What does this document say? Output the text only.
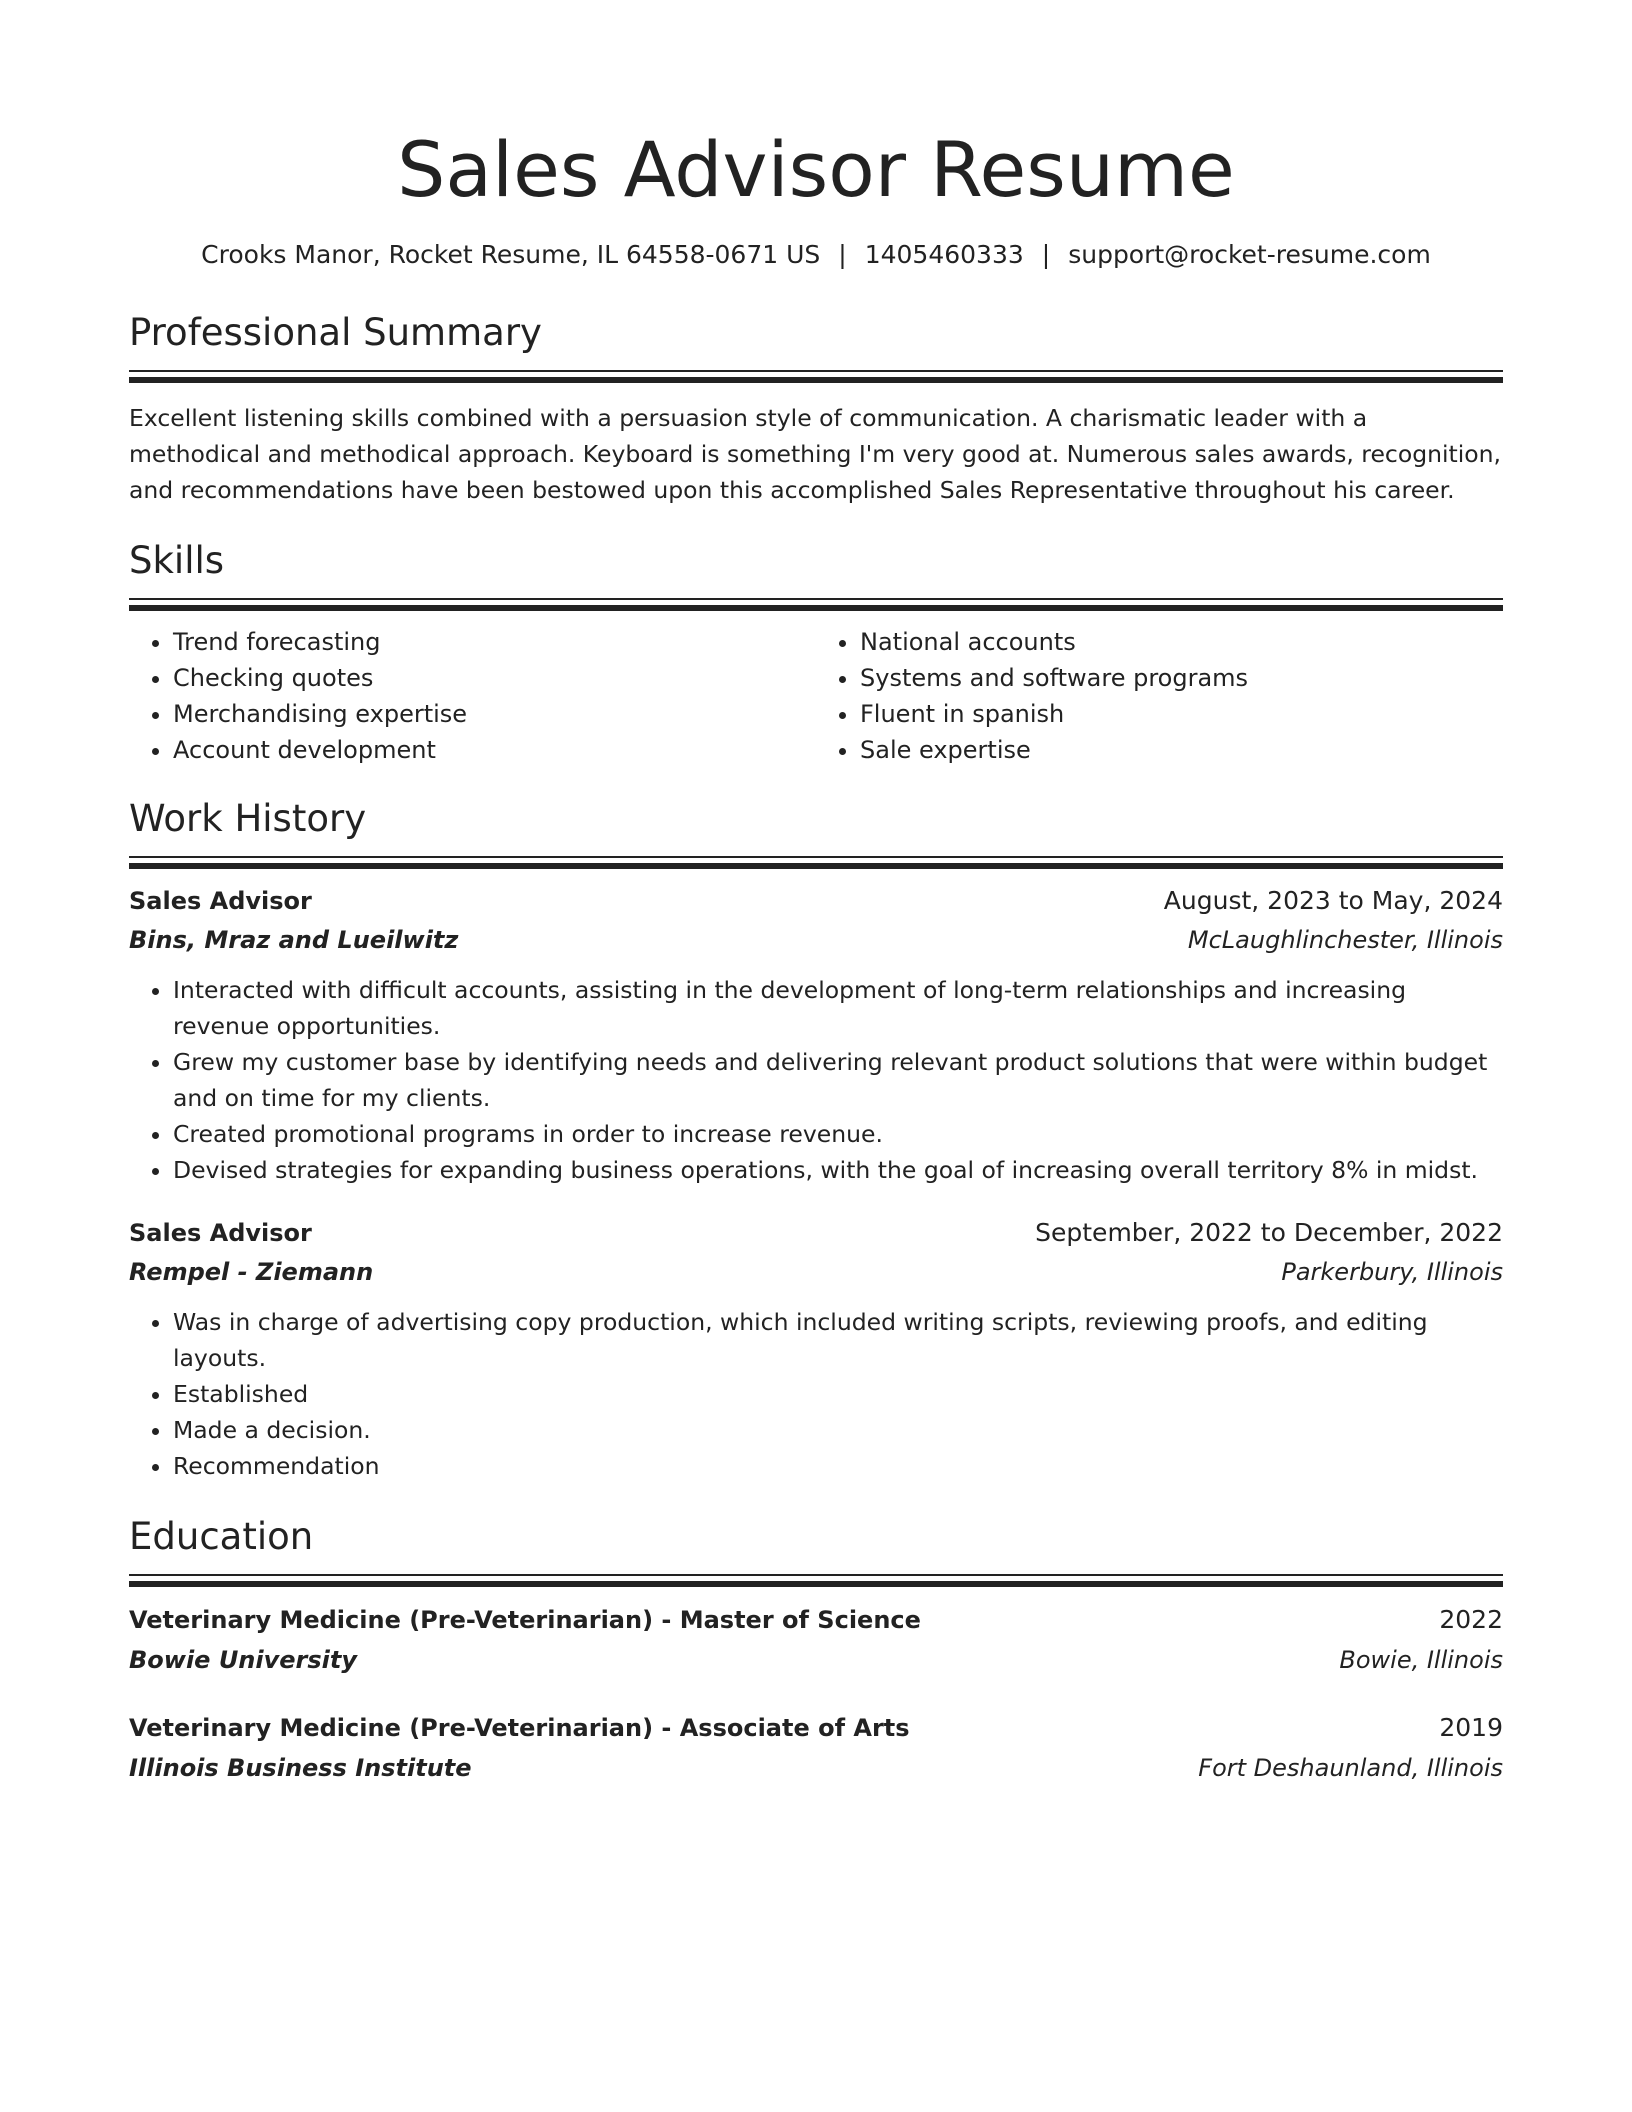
Sales Advisor Resume
Crooks Manor, Rocket Resume, IL 64558-0671 US | 1405460333 | support@rocket-resume.com
Professional Summary
Excellent listening skills combined with a persuasion style of communication. A charismatic leader with a methodical and methodical approach. Keyboard is something I'm very good at. Numerous sales awards, recognition, and recommendations have been bestowed upon this accomplished Sales Representative throughout his career.
Skills
• Trend forecasting
• Checking quotes
• Merchandising expertise
• Account development
• National accounts
• Systems and software programs
• Fluent in spanish
• Sale expertise
Work History
Sales Advisor	August, 2023 to May, 2024
Bins, Mraz and Lueilwitz	McLaughlinchester, Illinois
• Interacted with difficult accounts, assisting in the development of long-term relationships and increasing revenue opportunities.
• Grew my customer base by identifying needs and delivering relevant product solutions that were within budget and on time for my clients.
• Created promotional programs in order to increase revenue.
• Devised strategies for expanding business operations, with the goal of increasing overall territory 8% in midst.
Sales Advisor	September, 2022 to December, 2022
Rempel - Ziemann	Parkerbury, Illinois
• Was in charge of advertising copy production, which included writing scripts, reviewing proofs, and editing layouts.
• Established
• Made a decision.
• Recommendation
Education
Veterinary Medicine (Pre-Veterinarian) - Master of Science	2022
Bowie University	Bowie, Illinois
Veterinary Medicine (Pre-Veterinarian) - Associate of Arts	2019
Illinois Business Institute	Fort Deshaunland, Illinois
